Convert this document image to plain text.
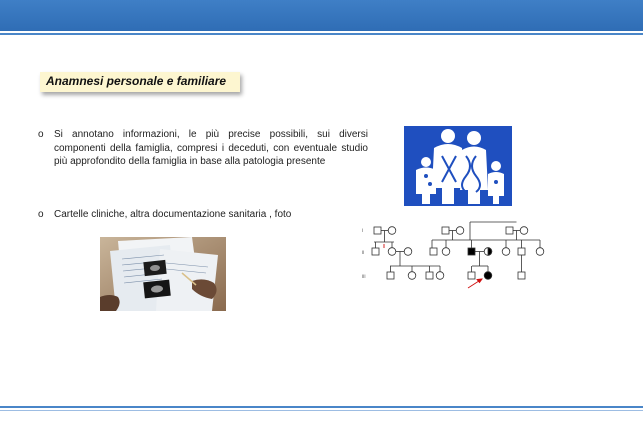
Anamnesi personale e familiare
o Si annotano informazioni, le più precise possibili, sui diversi componenti della famiglia, compresi i deceduti, con eventuale studio più approfondito della famiglia in base alla patologia presente
o Cartelle cliniche, altra documentazione sanitaria , foto
I
II
III
